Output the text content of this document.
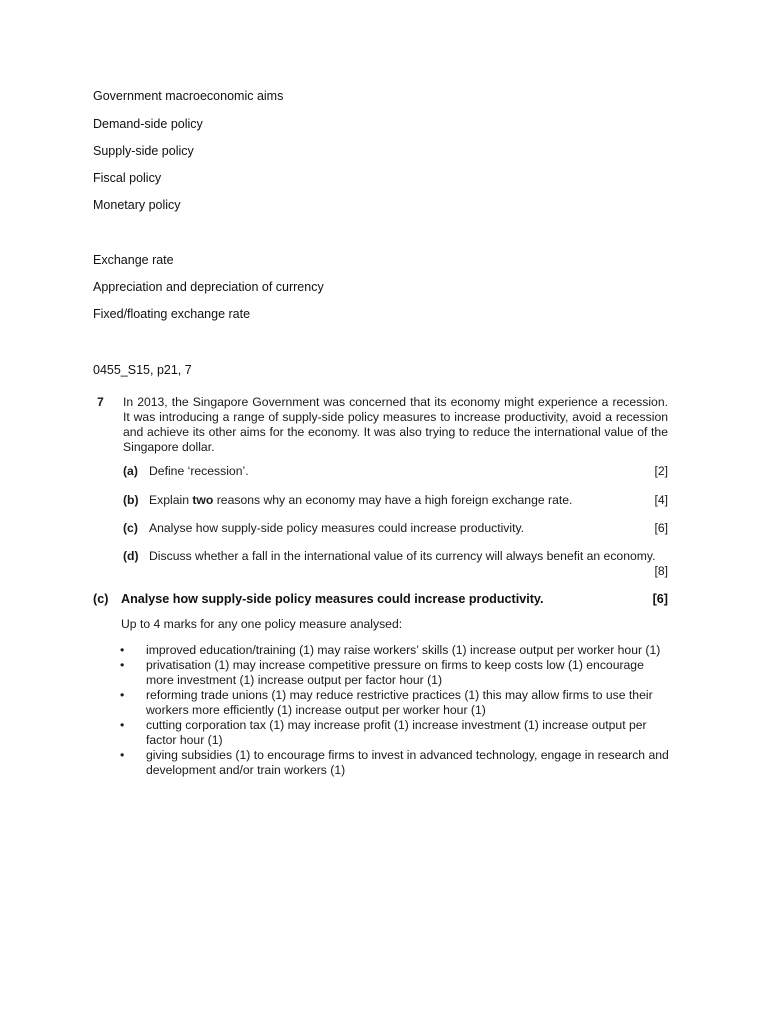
Government macroeconomic aims
Demand-side policy
Supply-side policy
Fiscal policy
Monetary policy
Exchange rate
Appreciation and depreciation of currency
Fixed/floating exchange rate
0455_S15, p21, 7
7 In 2013, the Singapore Government was concerned that its economy might experience a recession. It was introducing a range of supply-side policy measures to increase productivity, avoid a recession and achieve its other aims for the economy. It was also trying to reduce the international value of the Singapore dollar.
(a) Define ‘recession’.	[2]
(b) Explain two reasons why an economy may have a high foreign exchange rate.	[4]
(c) Analyse how supply-side policy measures could increase productivity.	[6]
(d) Discuss whether a fall in the international value of its currency will always benefit an economy.
[8]
(c) Analyse how supply-side policy measures could increase productivity.	[6]
Up to 4 marks for any one policy measure analysed:
• improved education/training (1) may raise workers’ skills (1) increase output per worker hour (1)
• privatisation (1) may increase competitive pressure on firms to keep costs low (1) encourage more investment (1) increase output per factor hour (1)
• reforming trade unions (1) may reduce restrictive practices (1) this may allow firms to use their workers more efficiently (1) increase output per worker hour (1)
• cutting corporation tax (1) may increase profit (1) increase investment (1) increase output per factor hour (1)
• giving subsidies (1) to encourage firms to invest in advanced technology, engage in research and development and/or train workers (1)
